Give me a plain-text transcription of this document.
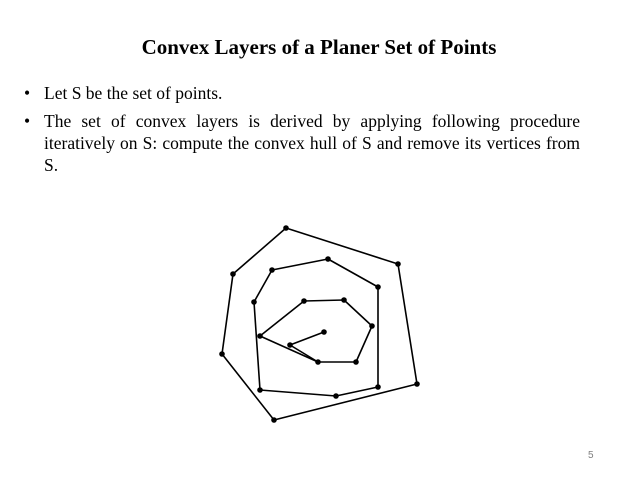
Convex Layers of a Planer Set of Points
• Let S be the set of points.
• The set of convex layers is derived by applying following procedure iteratively on S: compute the convex hull of S and remove its vertices from S.
5
